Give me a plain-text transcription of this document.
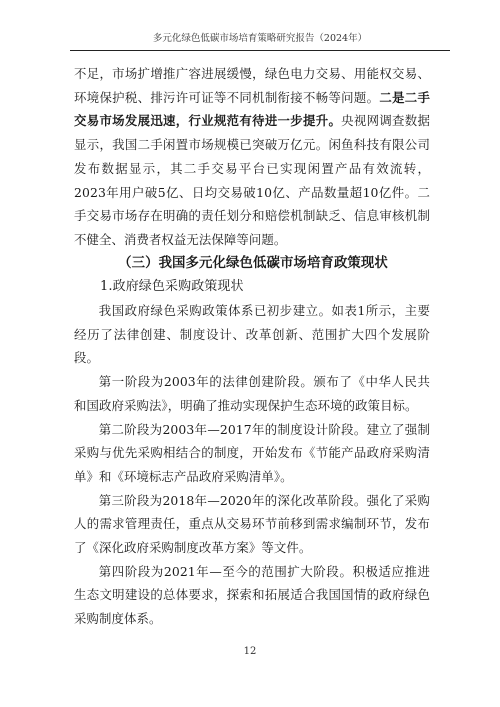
多元化绿色低碳市场培育策略研究报告（2024年）

不足，市场扩增推广容进展缓慢，绿色电力交易、用能权交易、环境保护税、排污许可证等不同机制衔接不畅等问题。二是二手交易市场发展迅速，行业规范有待进一步提升。央视网调查数据显示，我国二手闲置市场规模已突破万亿元。闲鱼科技有限公司发布数据显示，其二手交易平台已实现闲置产品有效流转，2023年用户破5亿、日均交易破10亿、产品数量超10亿件。二手交易市场存在明确的责任划分和赔偿机制缺乏、信息审核机制不健全、消费者权益无法保障等问题。

（三）我国多元化绿色低碳市场培育政策现状

1.政府绿色采购政策现状

我国政府绿色采购政策体系已初步建立。如表1所示，主要经历了法律创建、制度设计、改革创新、范围扩大四个发展阶段。

第一阶段为2003年的法律创建阶段。颁布了《中华人民共和国政府采购法》，明确了推动实现保护生态环境的政策目标。

第二阶段为2003年—2017年的制度设计阶段。建立了强制采购与优先采购相结合的制度，开始发布《节能产品政府采购清单》和《环境标志产品政府采购清单》。

第三阶段为2018年—2020年的深化改革阶段。强化了采购人的需求管理责任，重点从交易环节前移到需求编制环节，发布了《深化政府采购制度改革方案》等文件。

第四阶段为2021年—至今的范围扩大阶段。积极适应推进生态文明建设的总体要求，探索和拓展适合我国国情的政府绿色采购制度体系。

12
